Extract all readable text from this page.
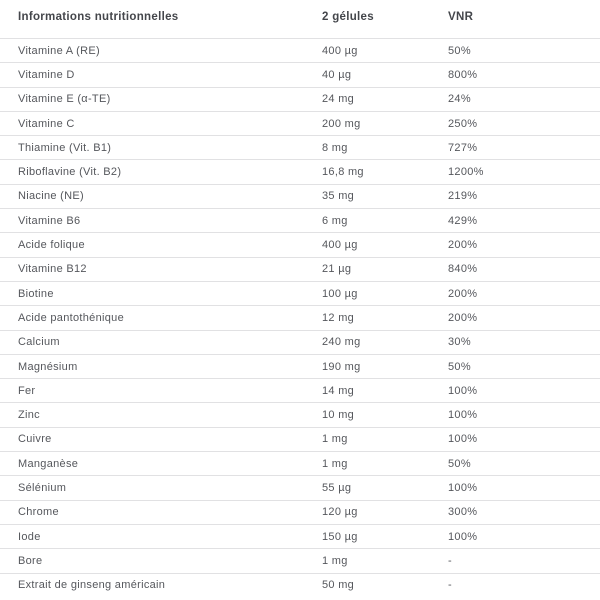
Informations nutritionnelles	2 gélules	VNR
Vitamine A (RE)	400 µg	50%
Vitamine D	40 µg	800%
Vitamine E (α-TE)	24 mg	24%
Vitamine C	200 mg	250%
Thiamine (Vit. B1)	8 mg	727%
Riboflavine (Vit. B2)	16,8 mg	1200%
Niacine (NE)	35 mg	219%
Vitamine B6	6 mg	429%
Acide folique	400 µg	200%
Vitamine B12	21 µg	840%
Biotine	100 µg	200%
Acide pantothénique	12 mg	200%
Calcium	240 mg	30%
Magnésium	190 mg	50%
Fer	14 mg	100%
Zinc	10 mg	100%
Cuivre	1 mg	100%
Manganèse	1 mg	50%
Sélénium	55 µg	100%
Chrome	120 µg	300%
Iode	150 µg	100%
Bore	1 mg	-
Extrait de ginseng américain	50 mg	-
